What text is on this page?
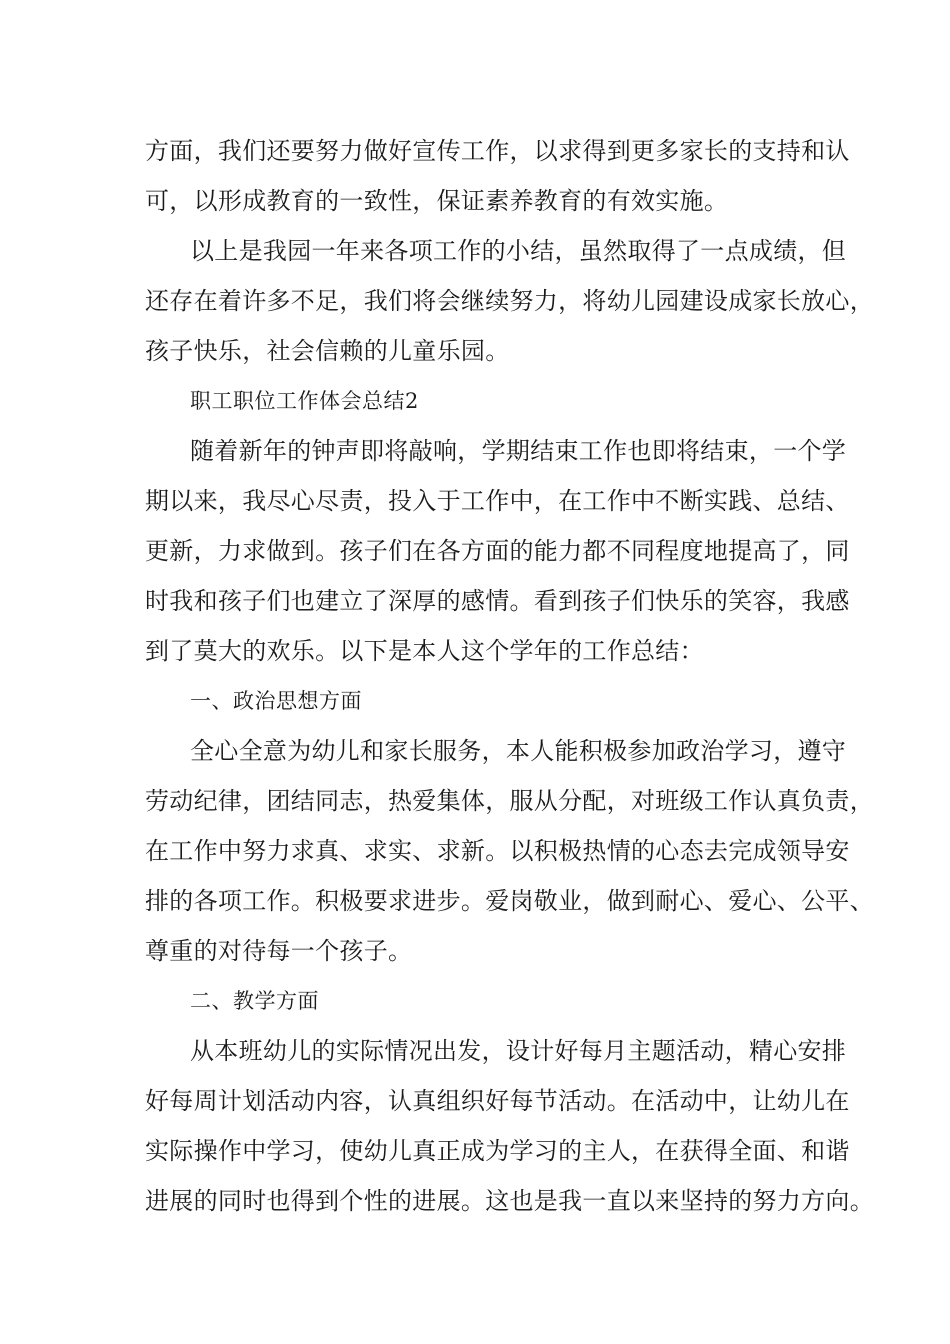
方面，我们还要努力做好宣传工作，以求得到更多家长的支持和认
可，以形成教育的一致性，保证素养教育的有效实施。
以上是我园一年来各项工作的小结，虽然取得了一点成绩，但
还存在着许多不足，我们将会继续努力，将幼儿园建设成家长放心，
孩子快乐，社会信赖的儿童乐园。
职工职位工作体会总结2
随着新年的钟声即将敲响，学期结束工作也即将结束，一个学
期以来，我尽心尽责，投入于工作中，在工作中不断实践、总结、
更新，力求做到。孩子们在各方面的能力都不同程度地提高了，同
时我和孩子们也建立了深厚的感情。看到孩子们快乐的笑容，我感
到了莫大的欢乐。以下是本人这个学年的工作总结：
一、政治思想方面
全心全意为幼儿和家长服务，本人能积极参加政治学习，遵守
劳动纪律，团结同志，热爱集体，服从分配，对班级工作认真负责，
在工作中努力求真、求实、求新。以积极热情的心态去完成领导安
排的各项工作。积极要求进步。爱岗敬业，做到耐心、爱心、公平、
尊重的对待每一个孩子。
二、教学方面
从本班幼儿的实际情况出发，设计好每月主题活动，精心安排
好每周计划活动内容，认真组织好每节活动。在活动中，让幼儿在
实际操作中学习，使幼儿真正成为学习的主人，在获得全面、和谐
进展的同时也得到个性的进展。这也是我一直以来坚持的努力方向。
